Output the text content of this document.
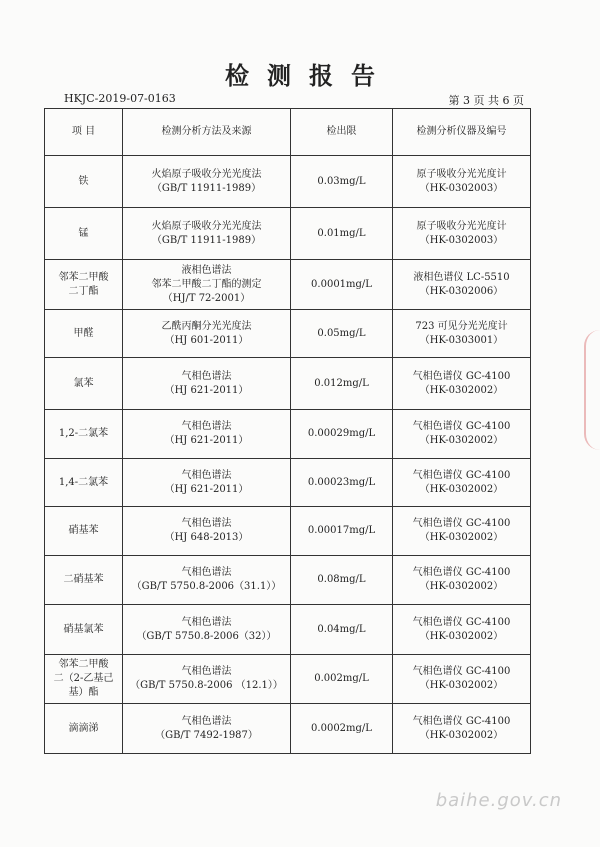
检测报告
HKJC-2019-07-0163	第 3 页 共 6 页
项 目	检测分析方法及来源	检出限	检测分析仪器及编号

铁	火焰原子吸收分光光度法
（GB/T 11911-1989）	0.03mg/L	原子吸收分光光度计
（HK-0302003）

锰	火焰原子吸收分光光度法
（GB/T 11911-1989）	0.01mg/L	原子吸收分光光度计
（HK-0302003）

邻苯二甲酸
二丁酯	液相色谱法
邻苯二甲酸二丁酯的测定
（HJ/T 72-2001）	0.0001mg/L	液相色谱仪 LC-5510
（HK-0302006）

甲醛	乙酰丙酮分光光度法
（HJ 601-2011）	0.05mg/L	723 可见分光光度计
（HK-0303001）

氯苯	气相色谱法
（HJ 621-2011）	0.012mg/L	气相色谱仪 GC-4100
（HK-0302002）

1,2-二氯苯	气相色谱法
（HJ 621-2011）	0.00029mg/L	气相色谱仪 GC-4100
（HK-0302002）

1,4-二氯苯	气相色谱法
（HJ 621-2011）	0.00023mg/L	气相色谱仪 GC-4100
（HK-0302002）

硝基苯	气相色谱法
（HJ 648-2013）	0.00017mg/L	气相色谱仪 GC-4100
（HK-0302002）

二硝基苯	气相色谱法
（GB/T 5750.8-2006（31.1））	0.08mg/L	气相色谱仪 GC-4100
（HK-0302002）

硝基氯苯	气相色谱法
（GB/T 5750.8-2006（32））	0.04mg/L	气相色谱仪 GC-4100
（HK-0302002）

邻苯二甲酸
二（2-乙基己
基）酯	气相色谱法
（GB/T 5750.8-2006 （12.1））	0.002mg/L	气相色谱仪 GC-4100
（HK-0302002）

滴滴涕	气相色谱法
（GB/T 7492-1987）	0.0002mg/L	气相色谱仪 GC-4100
（HK-0302002）
baihe.gov.cn
